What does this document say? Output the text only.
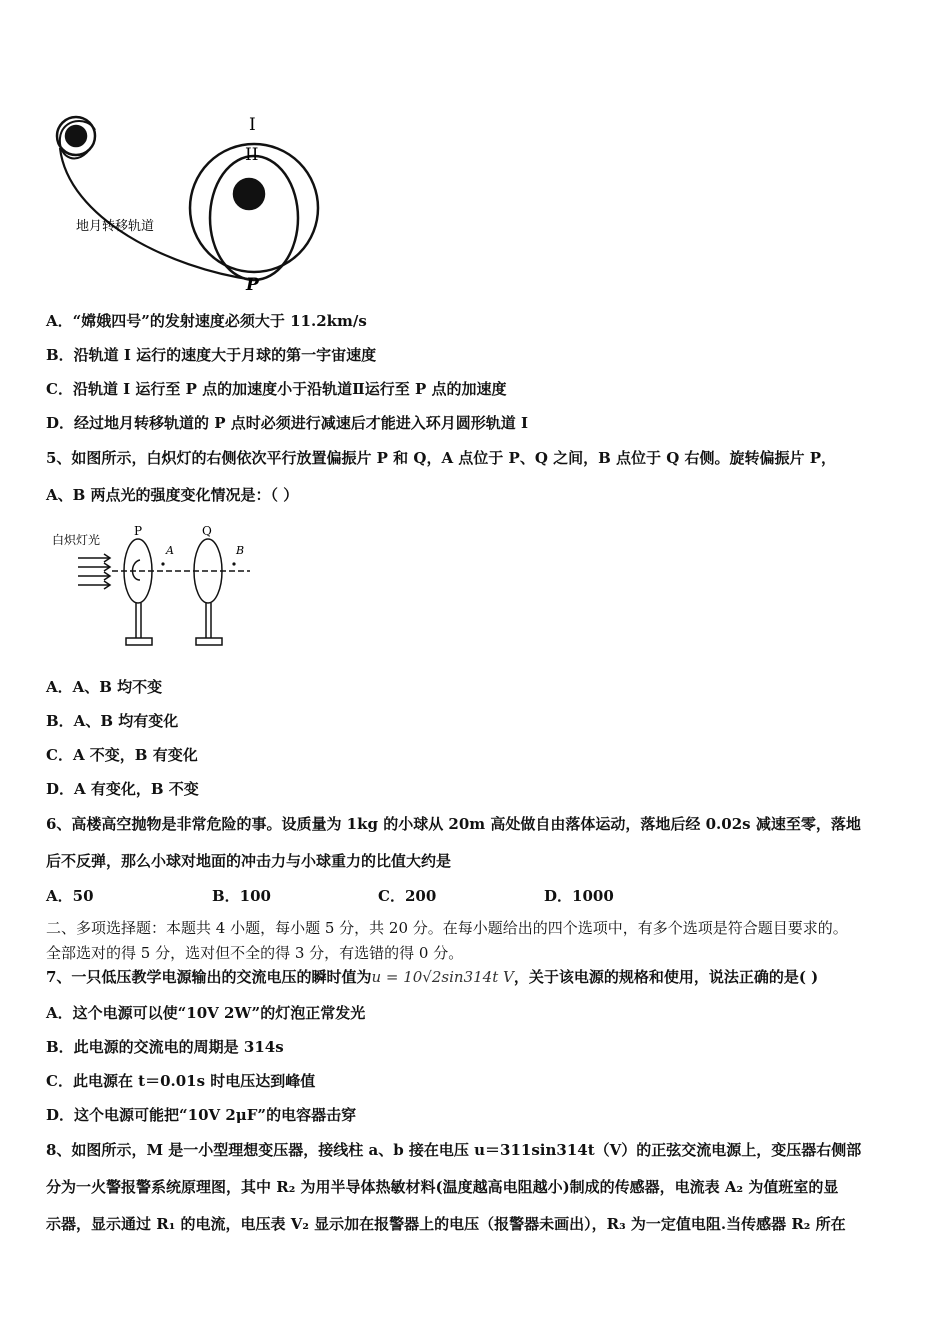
I
II
P
地月转移轨道
A．“嫦娥四号”的发射速度必须大于 11.2km/s
B．沿轨道 I 运行的速度大于月球的第一宇宙速度
C．沿轨道 I 运行至 P 点的加速度小于沿轨道Ⅱ运行至 P 点的加速度
D．经过地月转移轨道的 P 点时必须进行减速后才能进入环月圆形轨道 I
5、如图所示，白炽灯的右侧依次平行放置偏振片 P 和 Q，A 点位于 P、Q 之间，B 点位于 Q 右侧。旋转偏振片 P，
A、B 两点光的强度变化情况是：（ ）
白炽灯光
P	Q
A	B
A．A、B 均不变
B．A、B 均有变化
C．A 不变，B 有变化
D．A 有变化，B 不变
6、高楼高空抛物是非常危险的事。设质量为 1kg 的小球从 20m 高处做自由落体运动，落地后经 0.02s 减速至零，落地
后不反弹，那么小球对地面的冲击力与小球重力的比值大约是
A．50	B．100	C．200	D．1000
二、多项选择题：本题共 4 小题，每小题 5 分，共 20 分。在每小题给出的四个选项中，有多个选项是符合题目要求的。
全部选对的得 5 分，选对但不全的得 3 分，有选错的得 0 分。
7、一只低压教学电源输出的交流电压的瞬时值为u = 10√2sin314t V，关于该电源的规格和使用，说法正确的是( )
A．这个电源可以使“10V 2W”的灯泡正常发光
B．此电源的交流电的周期是 314s
C．此电源在 t＝0.01s 时电压达到峰值
D．这个电源可能把“10V 2μF”的电容器击穿
8、如图所示，M 是一小型理想变压器，接线柱 a、b 接在电压 u＝311sin314t（V）的正弦交流电源上，变压器右侧部
分为一火警报警系统原理图，其中 R₂ 为用半导体热敏材料(温度越高电阻越小)制成的传感器，电流表 A₂ 为值班室的显
示器，显示通过 R₁ 的电流，电压表 V₂ 显示加在报警器上的电压（报警器未画出），R₃ 为一定值电阻.当传感器 R₂ 所在
